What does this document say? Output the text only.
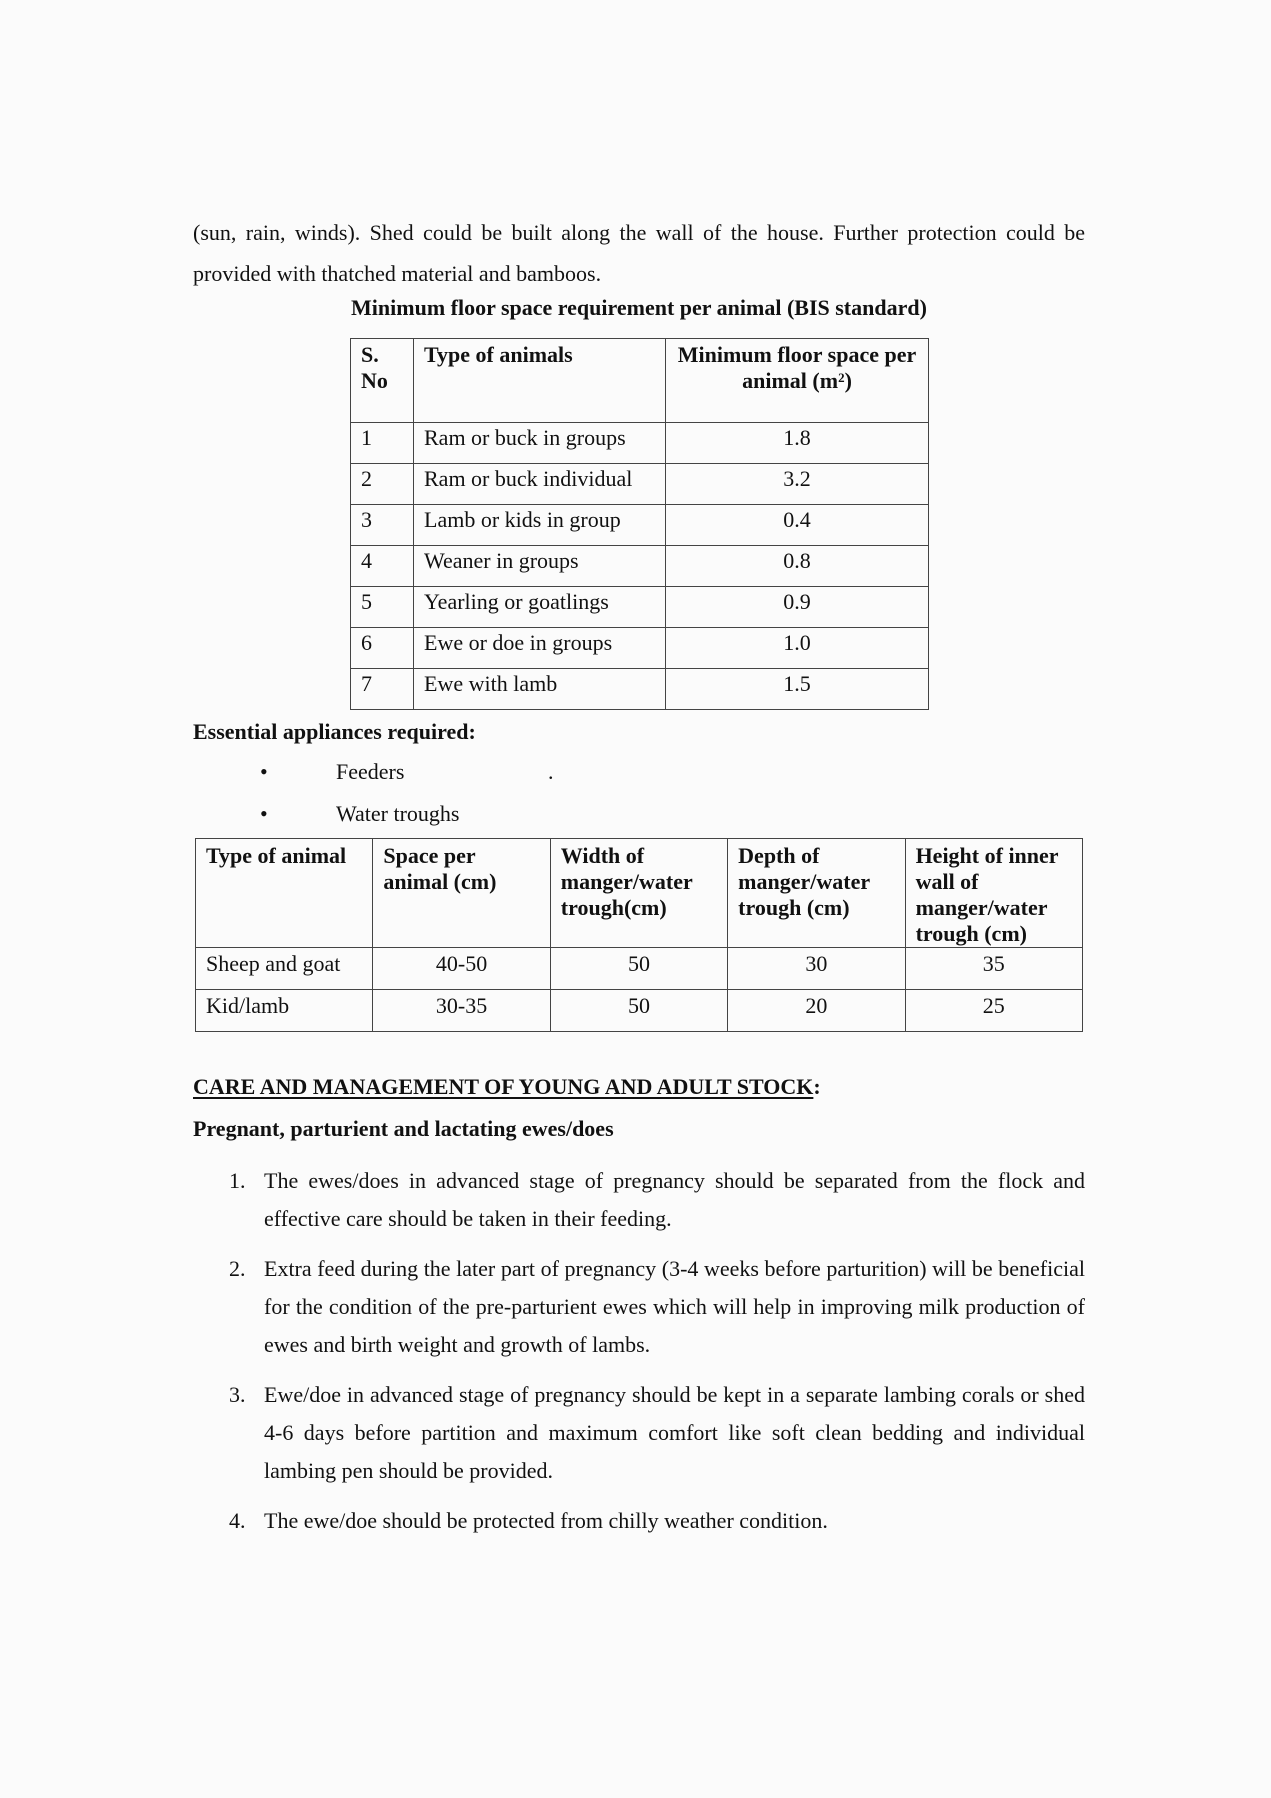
(sun, rain, winds). Shed could be built along the wall of the house. Further protection could be provided with thatched material and bamboos.
Minimum floor space requirement per animal (BIS standard)
S. No	Type of animals	Minimum floor space per animal $(m^2)$
1	Ram or buck in groups	1.8
2	Ram or buck individual	3.2
3	Lamb or kids in group	0.4
4	Weaner in groups	0.8
5	Yearling or goatlings	0.9
6	Ewe or doe in groups	1.0
7	Ewe with lamb	1.5
Essential appliances required:
•	Feeders	.
•	Water troughs
Type of animal	Space per animal (cm)	Width of manger/water trough(cm)	Depth of manger/water trough (cm)	Height of inner wall of manger/water trough (cm)
Sheep and goat	40-50	50	30	35
Kid/lamb	30-35	50	20	25
CARE AND MANAGEMENT OF YOUNG AND ADULT STOCK:
Pregnant, parturient and lactating ewes/does
1. The ewes/does in advanced stage of pregnancy should be separated from the flock and effective care should be taken in their feeding.
2. Extra feed during the later part of pregnancy (3-4 weeks before parturition) will be beneficial for the condition of the pre-parturient ewes which will help in improving milk production of ewes and birth weight and growth of lambs.
3. Ewe/doe in advanced stage of pregnancy should be kept in a separate lambing corals or shed 4-6 days before partition and maximum comfort like soft clean bedding and individual lambing pen should be provided.
4. The ewe/doe should be protected from chilly weather condition.
